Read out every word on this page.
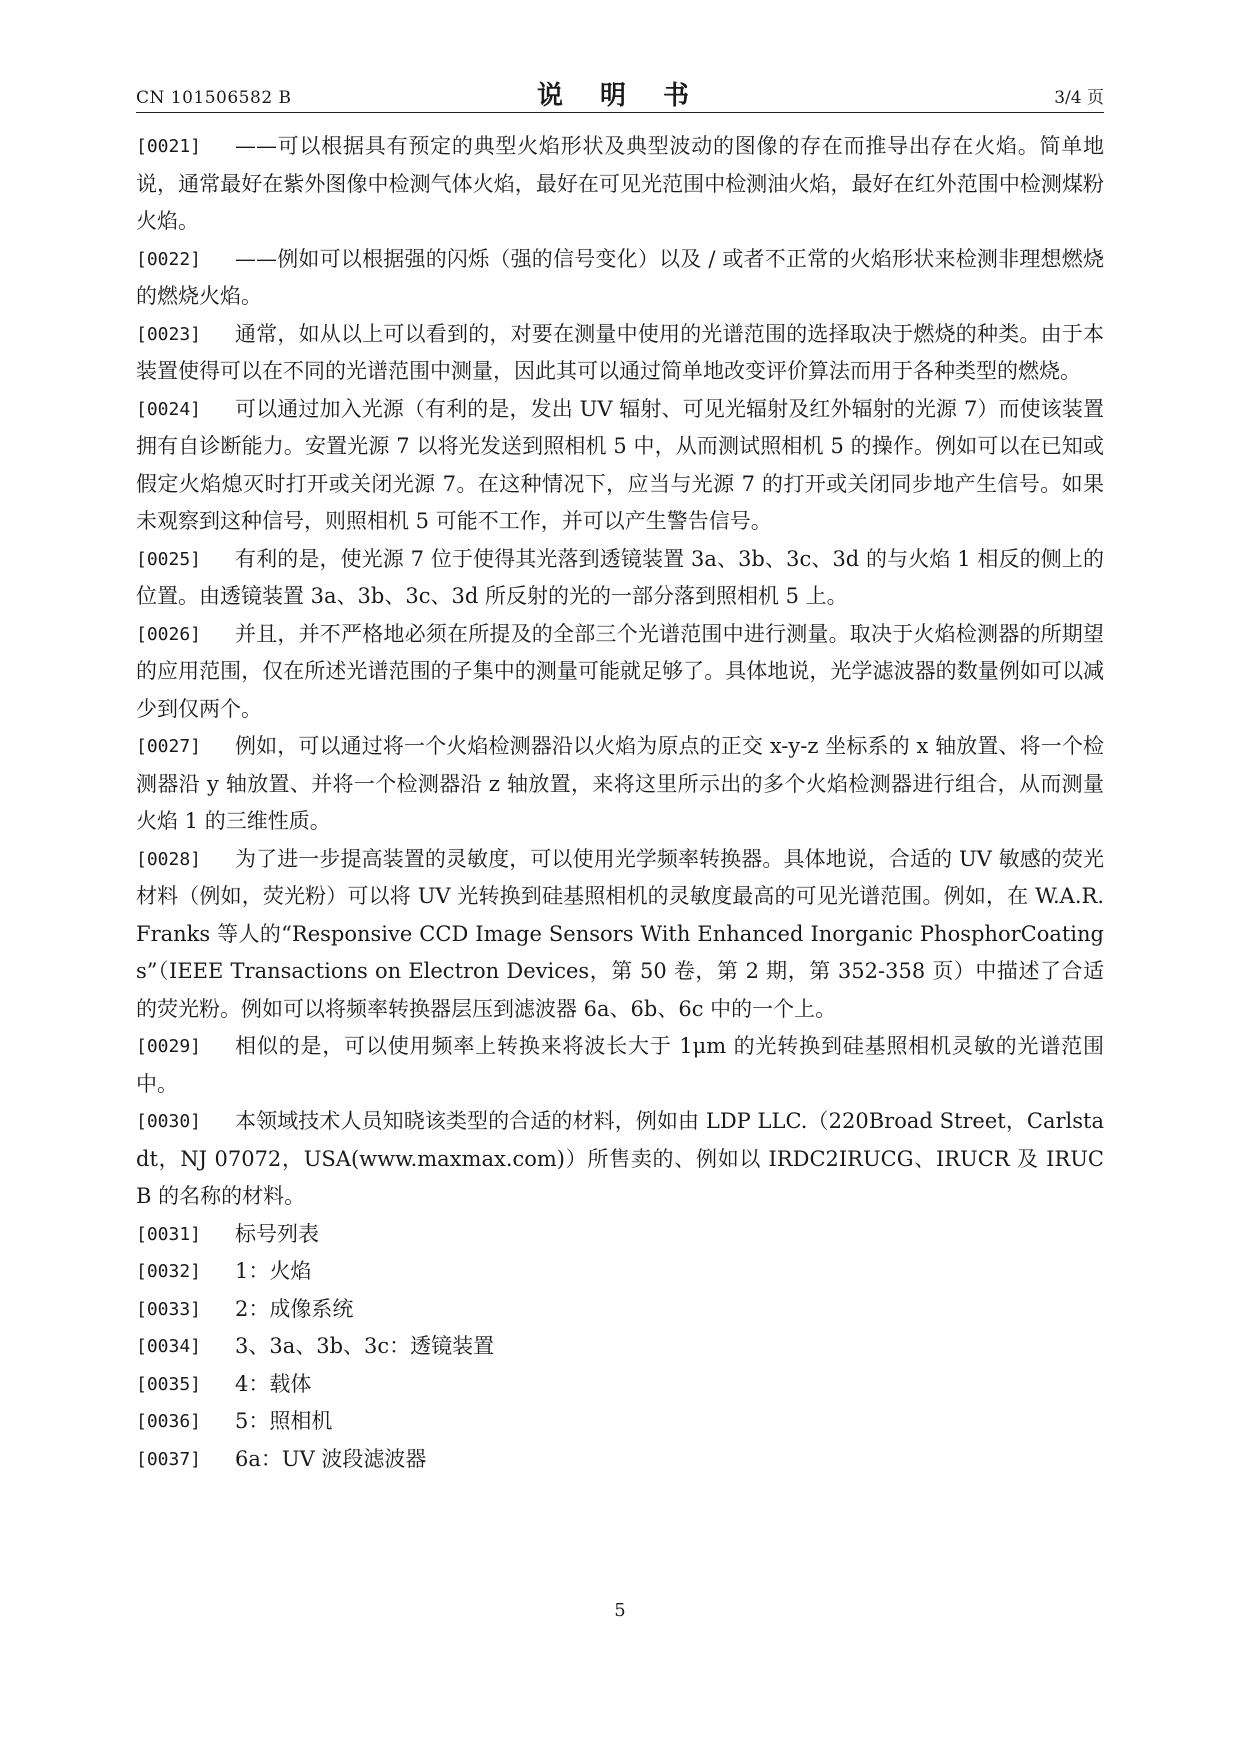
CN 101506582 B	说 明 书	3/4 页
[0021] ——可以根据具有预定的典型火焰形状及典型波动的图像的存在而推导出存在火焰。简单地说，通常最好在紫外图像中检测气体火焰，最好在可见光范围中检测油火焰，最好在红外范围中检测煤粉火焰。
[0022] ——例如可以根据强的闪烁（强的信号变化）以及 / 或者不正常的火焰形状来检测非理想燃烧的燃烧火焰。
[0023] 通常，如从以上可以看到的，对要在测量中使用的光谱范围的选择取决于燃烧的种类。由于本装置使得可以在不同的光谱范围中测量，因此其可以通过简单地改变评价算法而用于各种类型的燃烧。
[0024] 可以通过加入光源（有利的是，发出 UV 辐射、可见光辐射及红外辐射的光源 7）而使该装置拥有自诊断能力。安置光源 7 以将光发送到照相机 5 中，从而测试照相机 5 的操作。例如可以在已知或假定火焰熄灭时打开或关闭光源 7。在这种情况下，应当与光源 7 的打开或关闭同步地产生信号。如果未观察到这种信号，则照相机 5 可能不工作，并可以产生警告信号。
[0025] 有利的是，使光源 7 位于使得其光落到透镜装置 3a、3b、3c、3d 的与火焰 1 相反的侧上的位置。由透镜装置 3a、3b、3c、3d 所反射的光的一部分落到照相机 5 上。
[0026] 并且，并不严格地必须在所提及的全部三个光谱范围中进行测量。取决于火焰检测器的所期望的应用范围，仅在所述光谱范围的子集中的测量可能就足够了。具体地说，光学滤波器的数量例如可以减少到仅两个。
[0027] 例如，可以通过将一个火焰检测器沿以火焰为原点的正交 x-y-z 坐标系的 x 轴放置、将一个检测器沿 y 轴放置、并将一个检测器沿 z 轴放置，来将这里所示出的多个火焰检测器进行组合，从而测量火焰 1 的三维性质。
[0028] 为了进一步提高装置的灵敏度，可以使用光学频率转换器。具体地说，合适的 UV 敏感的荧光材料（例如，荧光粉）可以将 UV 光转换到硅基照相机的灵敏度最高的可见光谱范围。例如，在 W.A.R.Franks 等人的“Responsive CCD Image Sensors With Enhanced Inorganic PhosphorCoatings”（IEEE Transactions on Electron Devices，第 50 卷，第 2 期，第 352-358 页）中描述了合适的荧光粉。例如可以将频率转换器层压到滤波器 6a、6b、6c 中的一个上。
[0029] 相似的是，可以使用频率上转换来将波长大于 1μm 的光转换到硅基照相机灵敏的光谱范围中。
[0030] 本领域技术人员知晓该类型的合适的材料，例如由 LDP LLC.（220Broad Street，Carlstadt，NJ 07072，USA(www.maxmax.com)）所售卖的、例如以 IRDC2IRUCG、IRUCR 及 IRUCB 的名称的材料。
[0031] 标号列表
[0032] 1：火焰
[0033] 2：成像系统
[0034] 3、3a、3b、3c：透镜装置
[0035] 4：载体
[0036] 5：照相机
[0037] 6a：UV 波段滤波器
5
